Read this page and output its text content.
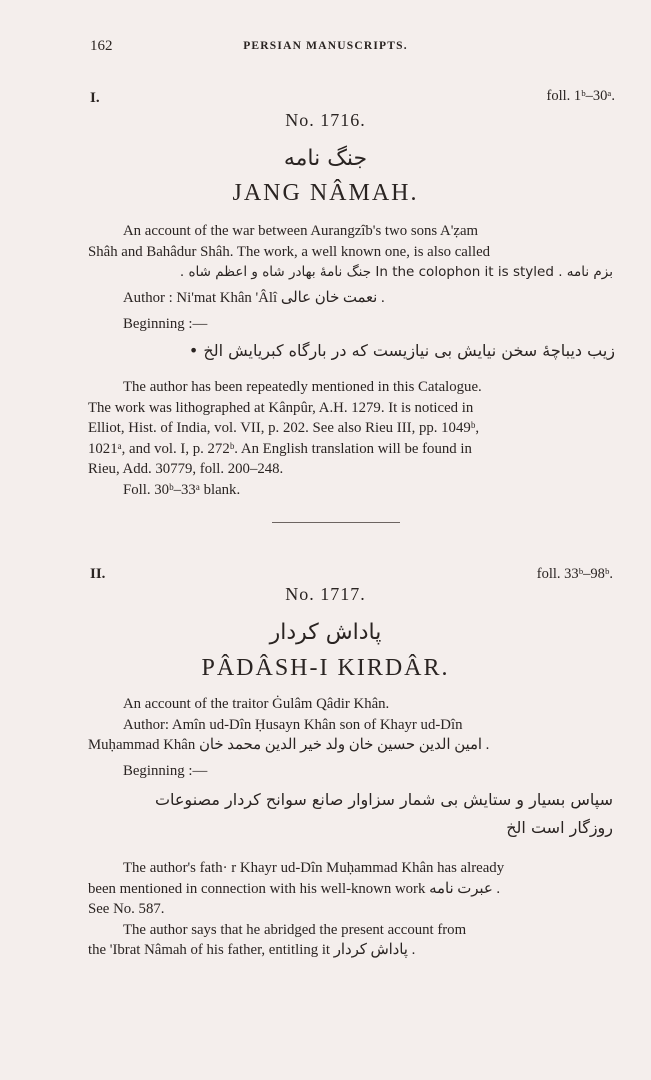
162	PERSIAN MANUSCRIPTS.
I.	foll. 1ᵇ–30ᵃ.
No. 1716.
جنگ نامه
JANG NÂMAH.
An account of the war between Aurangzîb's two sons A'ẓam
Shâh and Bahâdur Shâh. The work, a well known one, is also called
بزم نامه . In the colophon it is styled جنگ نامهٔ بهادر شاه و اعظم شاه .
Author : Ni'mat Khân 'Âlî نعمت خان عالی .
Beginning :—
زیب دیباچهٔ سخن نیایش بی نیازیست که در بارگاه کبریایش الخ •
The author has been repeatedly mentioned in this Catalogue.
The work was lithographed at Kânpûr, A.H. 1279. It is noticed in
Elliot, Hist. of India, vol. VII, p. 202. See also Rieu III, pp. 1049ᵇ,
1021ᵃ, and vol. I, p. 272ᵇ. An English translation will be found in
Rieu, Add. 30779, foll. 200–248.
Foll. 30ᵇ–33ᵃ blank.
II.	foll. 33ᵇ–98ᵇ.
No. 1717.
پاداش کردار
PÂDÂSH-I KIRDÂR.
An account of the traitor Ġulâm Qâdir Khân.
Author: Amîn ud-Dîn Ḥusayn Khân son of Khayr ud-Dîn
Muḥammad Khân امین الدین حسین خان ولد خیر الدین محمد خان .
Beginning :—
سپاس بسیار و ستایش بی شمار سزاوار صانع سوانح کردار مصنوعات
روزگار است الخ
The author's fath· r Khayr ud-Dîn Muḥammad Khân has already
been mentioned in connection with his well-known work عبرت نامه .
See No. 587.
The author says that he abridged the present account from
the 'Ibrat Nâmah of his father, entitling it پاداش کردار .
